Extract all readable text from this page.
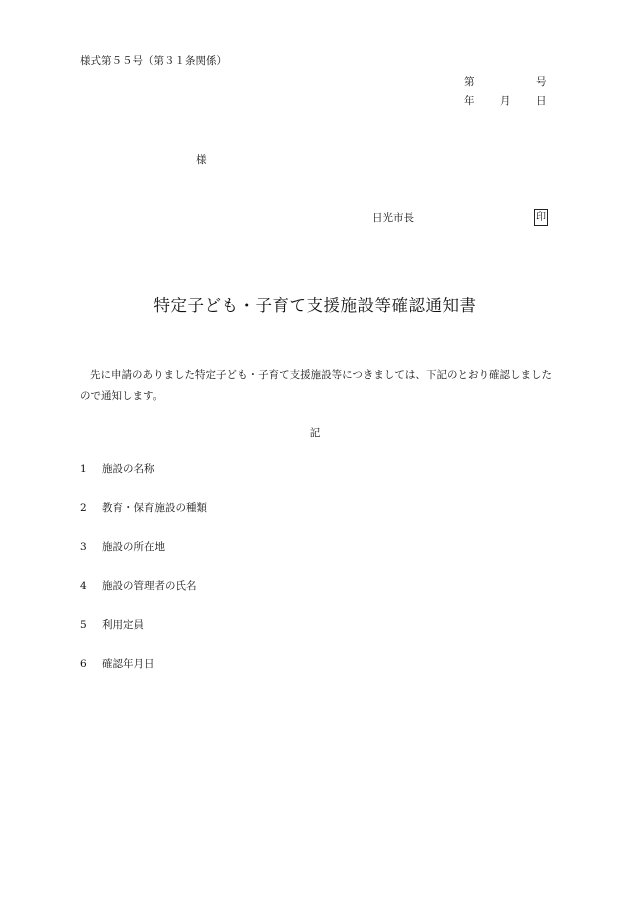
様式第５５号（第３１条関係）
第	号
年 月 日
様
日光市長	印
特定子ども・子育て支援施設等確認通知書
先に申請のありました特定子ども・子育て支援施設等につきましては、下記のとおり確認しましたので通知します。
記
1	施設の名称
2	教育・保育施設の種類
3	施設の所在地
4	施設の管理者の氏名
5	利用定員
6	確認年月日
